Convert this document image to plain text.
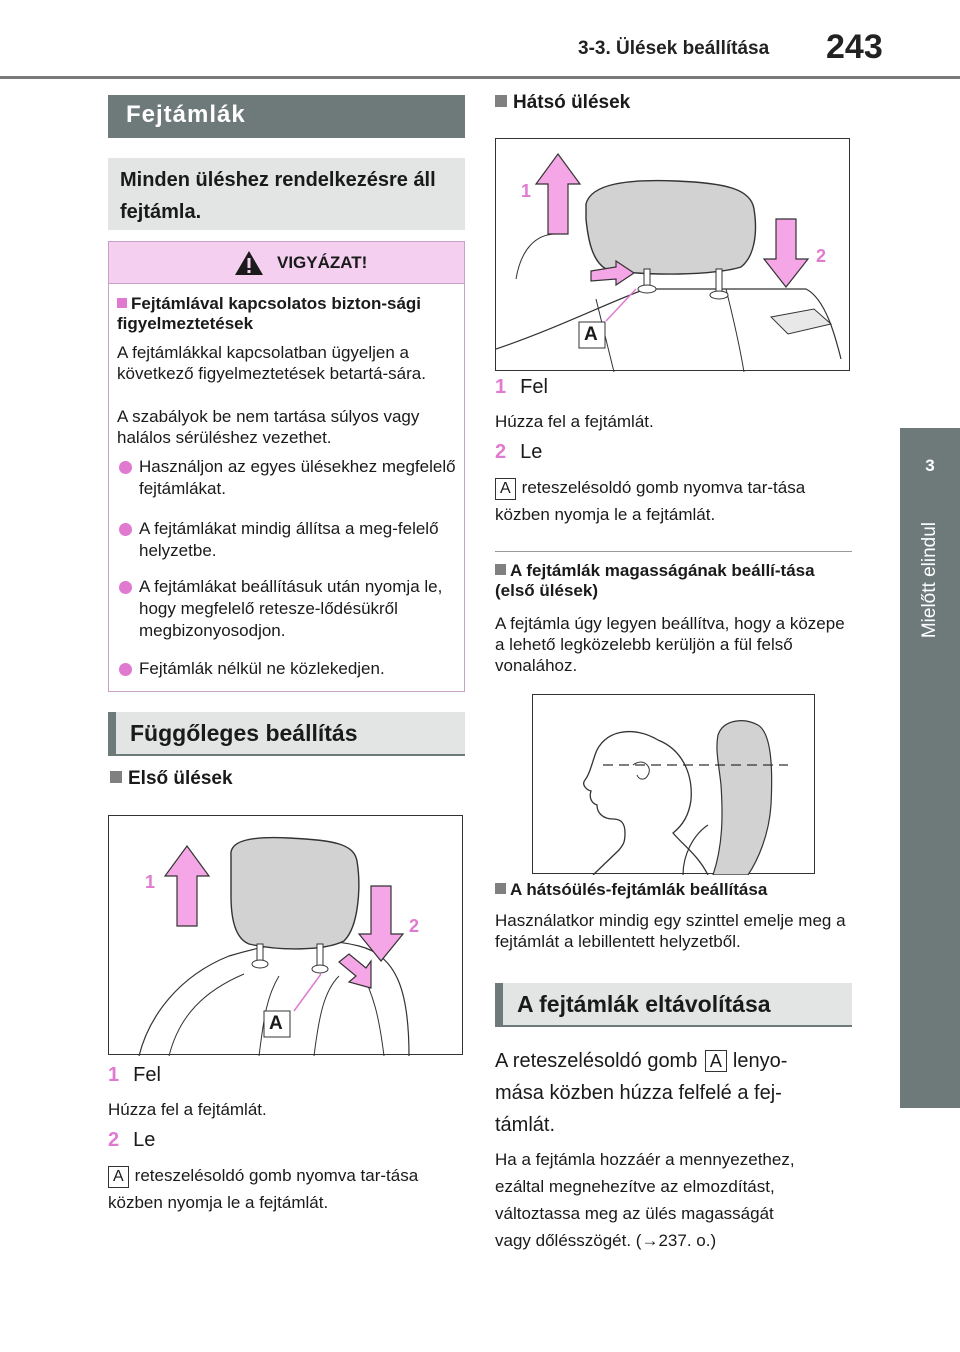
3-3. Ülések beállítása 243
3
Mielőtt elindul
Fejtámlák
Minden üléshez rendelkezésre áll fejtámla.
VIGYÁZAT!
Fejtámlával kapcsolatos bizton-sági figyelmeztetések
A fejtámlákkal kapcsolatban ügyeljen a következő figyelmeztetések betartá-sára.
A szabályok be nem tartása súlyos vagy halálos sérüléshez vezethet.
Használjon az egyes ülésekhez megfelelő fejtámlákat.
A fejtámlákat mindig állítsa a meg-felelő helyzetbe.
A fejtámlákat beállításuk után nyomja le, hogy megfelelő retesze-lődésükről megbizonyosodjon.
Fejtámlák nélkül ne közlekedjen.
Függőleges beállítás
Első ülések
1
2
A
1 Fel
Húzza fel a fejtámlát.
2 Le
A reteszelésoldó gomb nyomva tar-tása közben nyomja le a fejtámlát.
Hátsó ülések
1
2
A
1 Fel
Húzza fel a fejtámlát.
2 Le
A reteszelésoldó gomb nyomva tar-tása közben nyomja le a fejtámlát.
A fejtámlák magasságának beállí-tása (első ülések)
A fejtámla úgy legyen beállítva, hogy a közepe a lehető legközelebb kerüljön a fül felső vonalához.
A hátsóülés-fejtámlák beállítása
Használatkor mindig egy szinttel emelje meg a fejtámlát a lebillentett helyzetből.
A fejtámlák eltávolítása
A reteszelésoldó gomb A lenyo-
mása közben húzza felfelé a fej-
támlát.
Ha a fejtámla hozzáér a mennyezethez,
ezáltal megnehezítve az elmozdítást,
változtassa meg az ülés magasságát
vagy dőlésszögét. (→237. o.)
